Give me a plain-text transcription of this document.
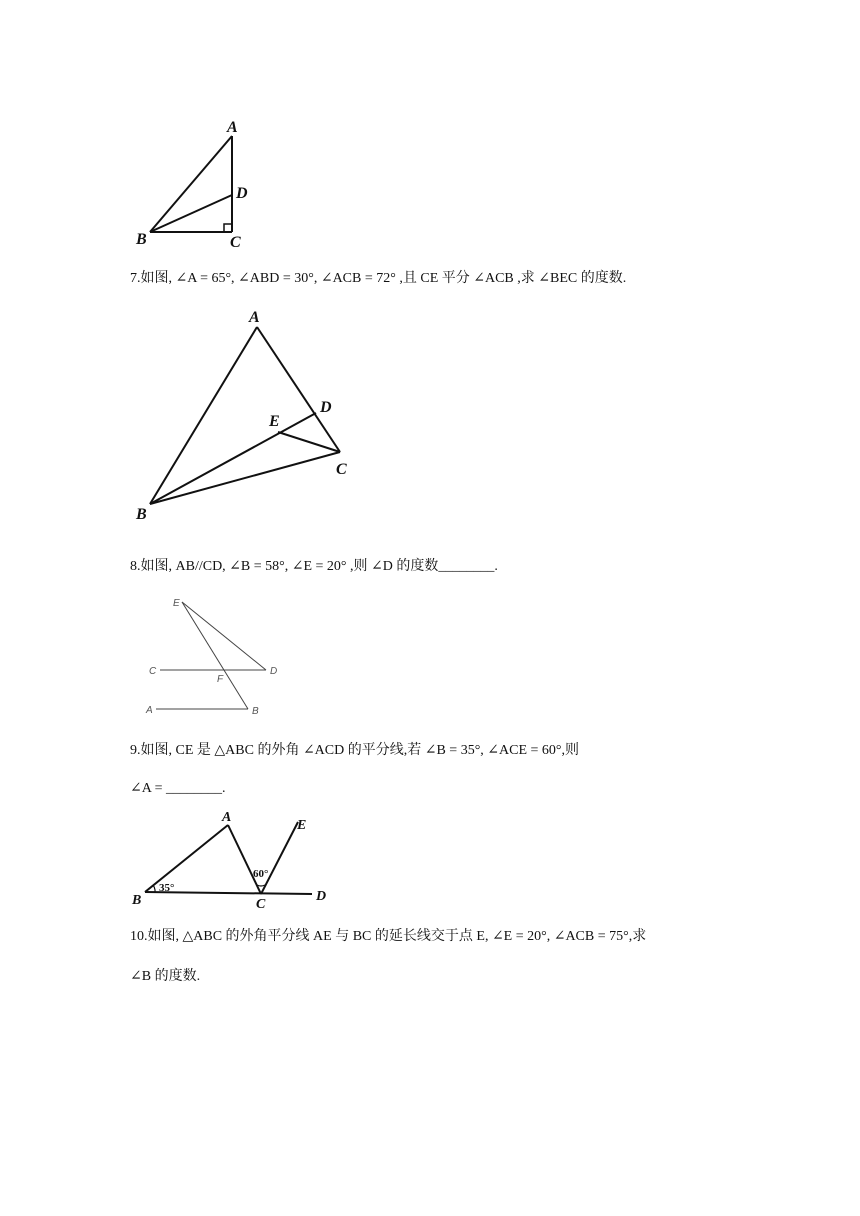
A
B	C
D
7.如图, ∠A = 65°, ∠ABD = 30°, ∠ACB = 72° ,且 CE 平分 ∠ACB ,求 ∠BEC 的度数.
A
B
C
D
E
8.如图, AB//CD, ∠B = 58°, ∠E = 20° ,则 ∠D 的度数________.
E
C	D
F
A	B
9.如图, CE 是 △ABC 的外角 ∠ACD 的平分线,若 ∠B = 35°, ∠ACE = 60°,则
∠A = ________.
A
B	C
D
E
35°
60°
10.如图, △ABC 的外角平分线 AE 与 BC 的延长线交于点 E, ∠E = 20°, ∠ACB = 75°,求
∠B 的度数.
